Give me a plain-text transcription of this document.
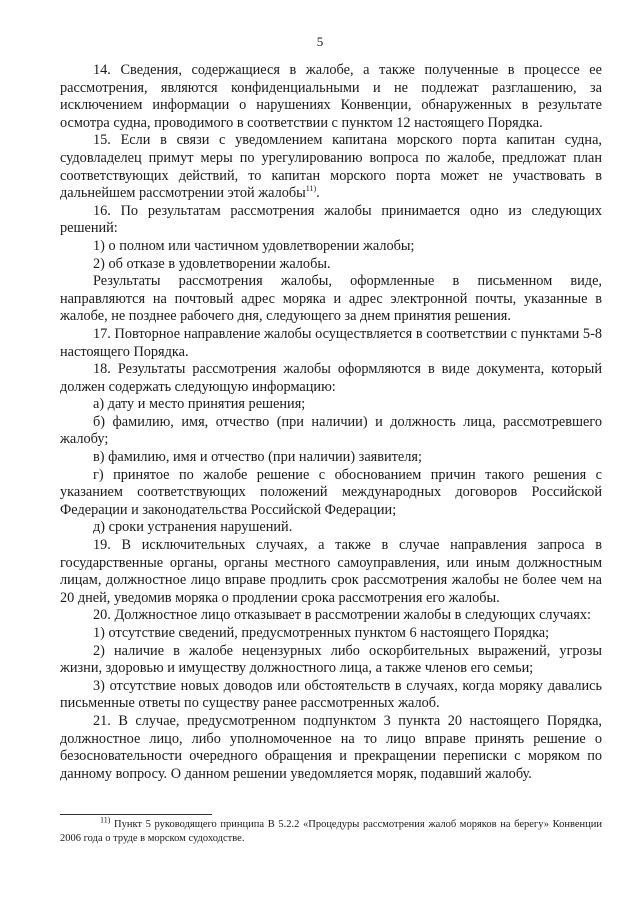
5

14. Сведения, содержащиеся в жалобе, а также полученные в процессе ее рассмотрения, являются конфиденциальными и не подлежат разглашению, за исключением информации о нарушениях Конвенции, обнаруженных в результате осмотра судна, проводимого в соответствии с пунктом 12 настоящего Порядка.

15. Если в связи с уведомлением капитана морского порта капитан судна, судовладелец примут меры по урегулированию вопроса по жалобе, предложат план соответствующих действий, то капитан морского порта может не участвовать в дальнейшем рассмотрении этой жалобы$^{11)}$.

16. По результатам рассмотрения жалобы принимается одно из следующих решений:

1) о полном или частичном удовлетворении жалобы;

2) об отказе в удовлетворении жалобы.

Результаты рассмотрения жалобы, оформленные в письменном виде, направляются на почтовый адрес моряка и адрес электронной почты, указанные в жалобе, не позднее рабочего дня, следующего за днем принятия решения.

17. Повторное направление жалобы осуществляется в соответствии с пунктами 5-8 настоящего Порядка.

18. Результаты рассмотрения жалобы оформляются в виде документа, который должен содержать следующую информацию:

а) дату и место принятия решения;

б) фамилию, имя, отчество (при наличии) и должность лица, рассмотревшего жалобу;

в) фамилию, имя и отчество (при наличии) заявителя;

г) принятое по жалобе решение с обоснованием причин такого решения с указанием соответствующих положений международных договоров Российской Федерации и законодательства Российской Федерации;

д) сроки устранения нарушений.

19. В исключительных случаях, а также в случае направления запроса в государственные органы, органы местного самоуправления, или иным должностным лицам, должностное лицо вправе продлить срок рассмотрения жалобы не более чем на 20 дней, уведомив моряка о продлении срока рассмотрения его жалобы.

20. Должностное лицо отказывает в рассмотрении жалобы в следующих случаях:

1) отсутствие сведений, предусмотренных пунктом 6 настоящего Порядка;

2) наличие в жалобе нецензурных либо оскорбительных выражений, угрозы жизни, здоровью и имуществу должностного лица, а также членов его семьи;

3) отсутствие новых доводов или обстоятельств в случаях, когда моряку давались письменные ответы по существу ранее рассмотренных жалоб.

21. В случае, предусмотренном подпунктом 3 пункта 20 настоящего Порядка, должностное лицо, либо уполномоченное на то лицо вправе принять решение о безосновательности очередного обращения и прекращении переписки с моряком по данному вопросу. О данном решении уведомляется моряк, подавший жалобу.

$^{11)}$ Пункт 5 руководящего принципа B 5.2.2 «Процедуры рассмотрения жалоб моряков на берегу» Конвенции 2006 года о труде в морском судоходстве.
